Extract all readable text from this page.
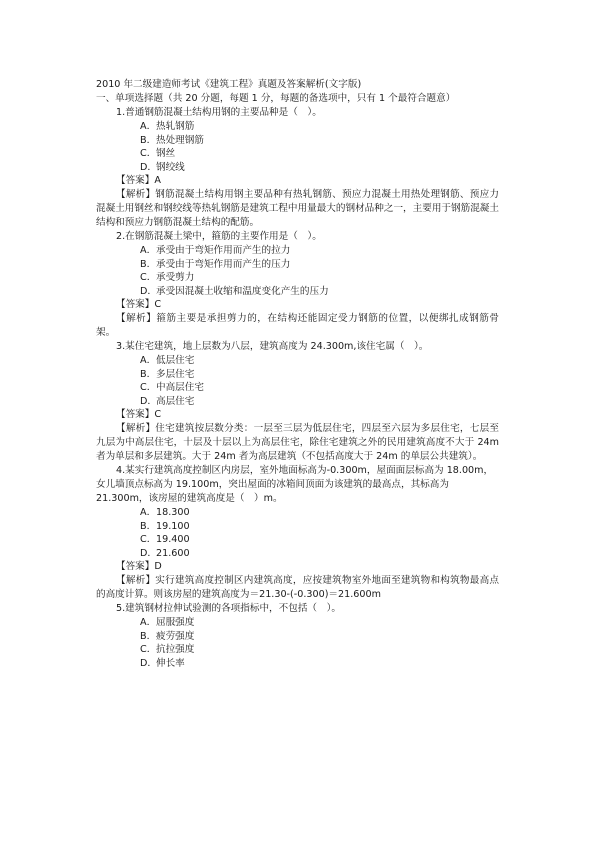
2010 年二级建造师考试《建筑工程》真题及答案解析(文字版)

一、单项选择题（共 20 分题，每题 1 分，每题的备选项中，只有 1 个最符合题意）

1.普通钢筋混凝土结构用钢的主要品种是（　）。

A．热轧钢筋

B．热处理钢筋

C．钢丝

D．钢绞线

【答案】A

【解析】钢筋混凝土结构用钢主要品种有热轧钢筋、预应力混凝土用热处理钢筋、预应力混凝土用钢丝和钢绞线等热轧钢筋是建筑工程中用量最大的钢材品种之一，主要用于钢筋混凝土结构和预应力钢筋混凝土结构的配筋。

2.在钢筋混凝土梁中，箍筋的主要作用是（　）。

A．承受由于弯矩作用而产生的拉力

B．承受由于弯矩作用而产生的压力

C．承受剪力

D．承受因混凝土收缩和温度变化产生的压力

【答案】C

【解析】箍筋主要是承担剪力的，在结构还能固定受力钢筋的位置，以便绑扎成钢筋骨架。

3.某住宅建筑，地上层数为八层，建筑高度为 24.300m,该住宅属（　）。

A．低层住宅

B．多层住宅

C．中高层住宅

D．高层住宅

【答案】C

【解析】住宅建筑按层数分类：一层至三层为低层住宅，四层至六层为多层住宅，七层至九层为中高层住宅，十层及十层以上为高层住宅，除住宅建筑之外的民用建筑高度不大于 24m 者为单层和多层建筑。大于 24m 者为高层建筑（不包括高度大于 24m 的单层公共建筑）。

4.某实行建筑高度控制区内房层，室外地面标高为-0.300m，屋面面层标高为 18.00m，女儿墙顶点标高为 19.100m，突出屋面的冰箱间顶面为该建筑的最高点，其标高为 21.300m，该房屋的建筑高度是（　）m。

A．18.300

B．19.100

C．19.400

D．21.600

【答案】D

【解析】实行建筑高度控制区内建筑高度，应按建筑物室外地面至建筑物和构筑物最高点的高度计算。则该房屋的建筑高度为＝21.30-(-0.300)＝21.600m

5.建筑钢材拉伸试验测的各项指标中，不包括（　）。

A．屈服强度

B．疲劳强度

C．抗拉强度

D．伸长率
